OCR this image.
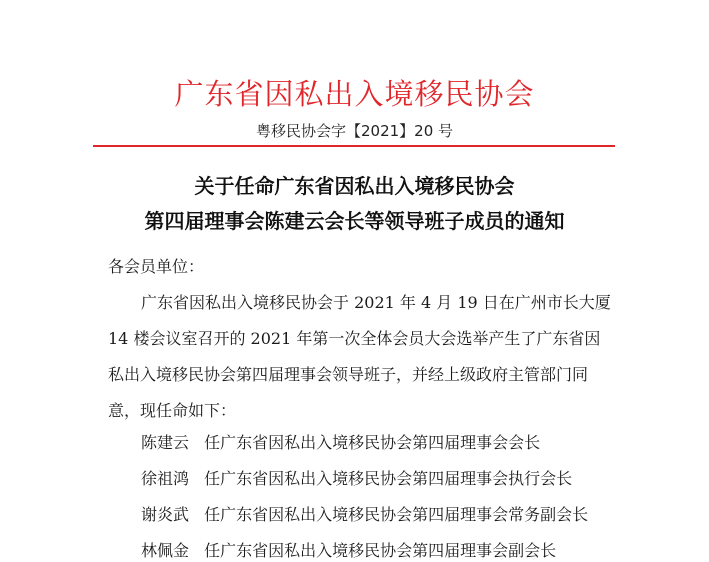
广东省因私出入境移民协会
粤移民协会字【2021】20 号
关于任命广东省因私出入境移民协会
第四届理事会陈建云会长等领导班子成员的通知
各会员单位：
广东省因私出入境移民协会于 2021 年 4 月 19 日在广州市长大厦
14 楼会议室召开的 2021 年第一次全体会员大会选举产生了广东省因
私出入境移民协会第四届理事会领导班子，并经上级政府主管部门同
意，现任命如下：
陈建云 任广东省因私出入境移民协会第四届理事会会长
徐祖鸿 任广东省因私出入境移民协会第四届理事会执行会长
谢炎武 任广东省因私出入境移民协会第四届理事会常务副会长
林佩金 任广东省因私出入境移民协会第四届理事会副会长
